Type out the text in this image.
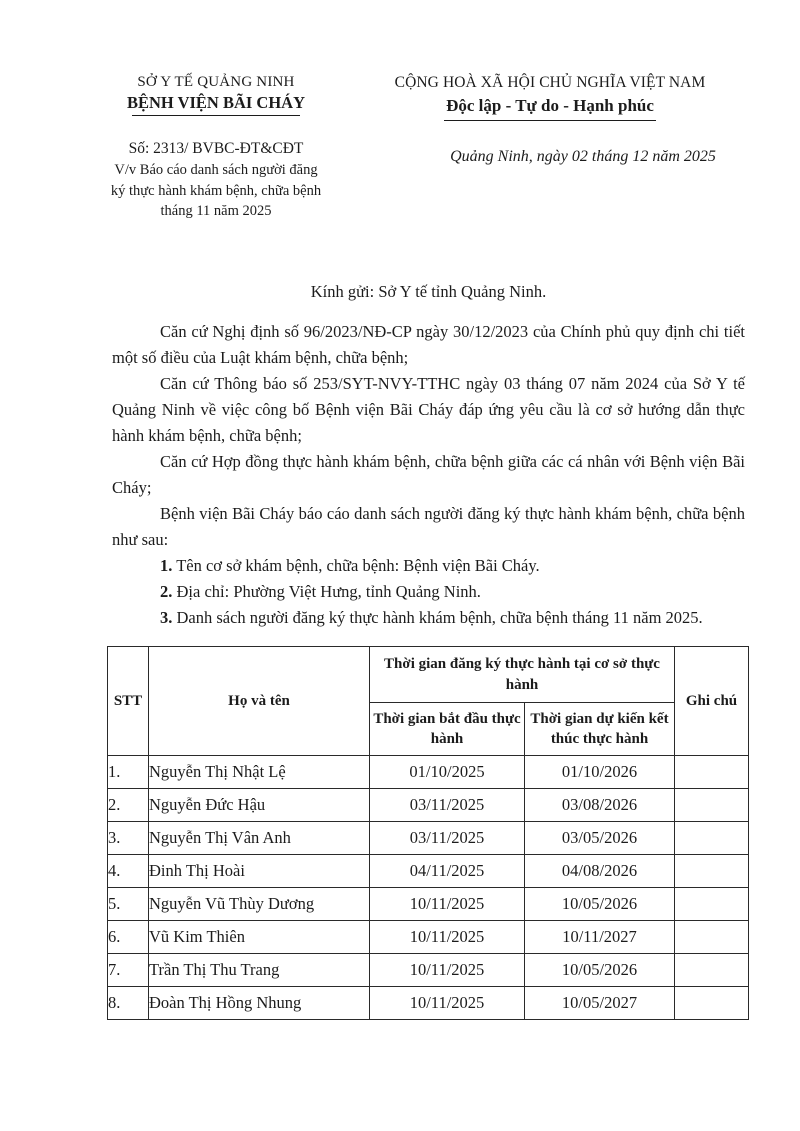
SỞ Y TẾ QUẢNG NINH
BỆNH VIỆN BÃI CHÁY
Số: 2313/ BVBC-ĐT&CĐT
V/v Báo cáo danh sách người đăng
ký thực hành khám bệnh, chữa bệnh
tháng 11 năm 2025
CỘNG HOÀ XÃ HỘI CHỦ NGHĨA VIỆT NAM
Độc lập - Tự do - Hạnh phúc
Quảng Ninh, ngày 02 tháng 12 năm 2025
Kính gửi: Sở Y tế tỉnh Quảng Ninh.

Căn cứ Nghị định số 96/2023/NĐ-CP ngày 30/12/2023 của Chính phủ quy định chi tiết một số điều của Luật khám bệnh, chữa bệnh;

Căn cứ Thông báo số 253/SYT-NVY-TTHC ngày 03 tháng 07 năm 2024 của Sở Y tế Quảng Ninh về việc công bố Bệnh viện Bãi Cháy đáp ứng yêu cầu là cơ sở hướng dẫn thực hành khám bệnh, chữa bệnh;

Căn cứ Hợp đồng thực hành khám bệnh, chữa bệnh giữa các cá nhân với Bệnh viện Bãi Cháy;

Bệnh viện Bãi Cháy báo cáo danh sách người đăng ký thực hành khám bệnh, chữa bệnh như sau:

1. Tên cơ sở khám bệnh, chữa bệnh: Bệnh viện Bãi Cháy.

2. Địa chỉ: Phường Việt Hưng, tỉnh Quảng Ninh.

3. Danh sách người đăng ký thực hành khám bệnh, chữa bệnh tháng 11 năm 2025.

STT	Họ và tên	Thời gian đăng ký thực hành tại cơ sở thực hành		Ghi chú
		Thời gian bắt đầu thực hành	Thời gian dự kiến kết thúc thực hành	
1.	Nguyễn Thị Nhật Lệ	01/10/2025	01/10/2026	
2.	Nguyễn Đức Hậu	03/11/2025	03/08/2026	
3.	Nguyễn Thị Vân Anh	03/11/2025	03/05/2026	
4.	Đinh Thị Hoài	04/11/2025	04/08/2026	
5.	Nguyễn Vũ Thùy Dương	10/11/2025	10/05/2026	
6.	Vũ Kim Thiên	10/11/2025	10/11/2027	
7.	Trần Thị Thu Trang	10/11/2025	10/05/2026	
8.	Đoàn Thị Hồng Nhung	10/11/2025	10/05/2027	
